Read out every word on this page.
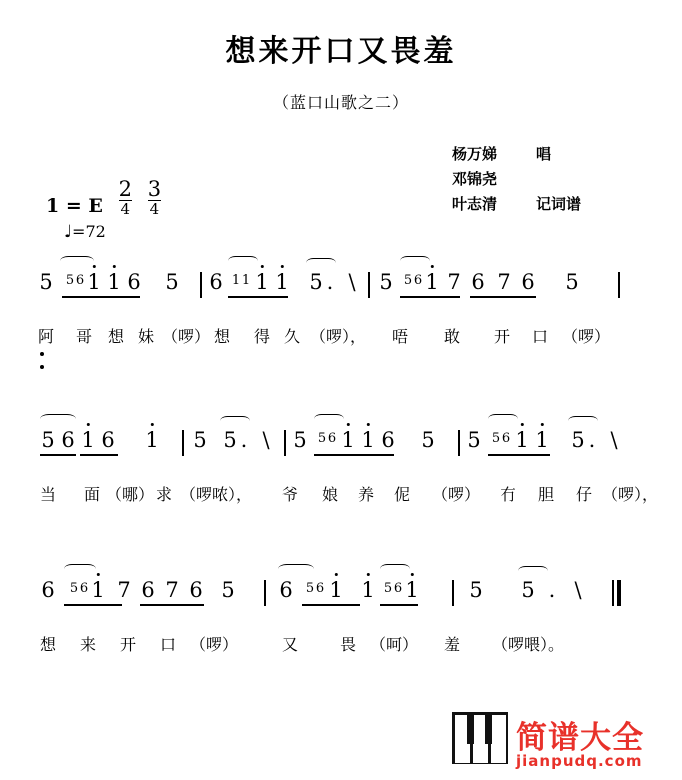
想来开口又畏羞
（蓝口山歌之二）
杨万娣	唱
邓锦尧
叶志清	记词谱
1 = E $\frac{2}{4}$
$\frac{3}{4}$
♩=72
5 5 6 1 1 6 5 6 1 1 1 1 5 . \ 5 5 6 1 7 6 7 6 5
阿 哥 想 妹 （啰） 想 得 久 （啰）， 唔 敢 开 口 （啰）
5 6 1 6 1 5 5 . \ 5 5 6 1 1 6 5 5 5 6 1 1 5 . \
当 面 （哪） 求 （啰哝）， 爷 娘 养 伲 （啰） 冇 胆 仔 （啰），
6 5 6 1 7 6 7 6 5 6 5 6 1 1 5 6 1 5 5 . \
想 来 开 口 （啰）	又	畏 （呵） 羞 （啰喂）。
简谱大全
jianpudq.com
